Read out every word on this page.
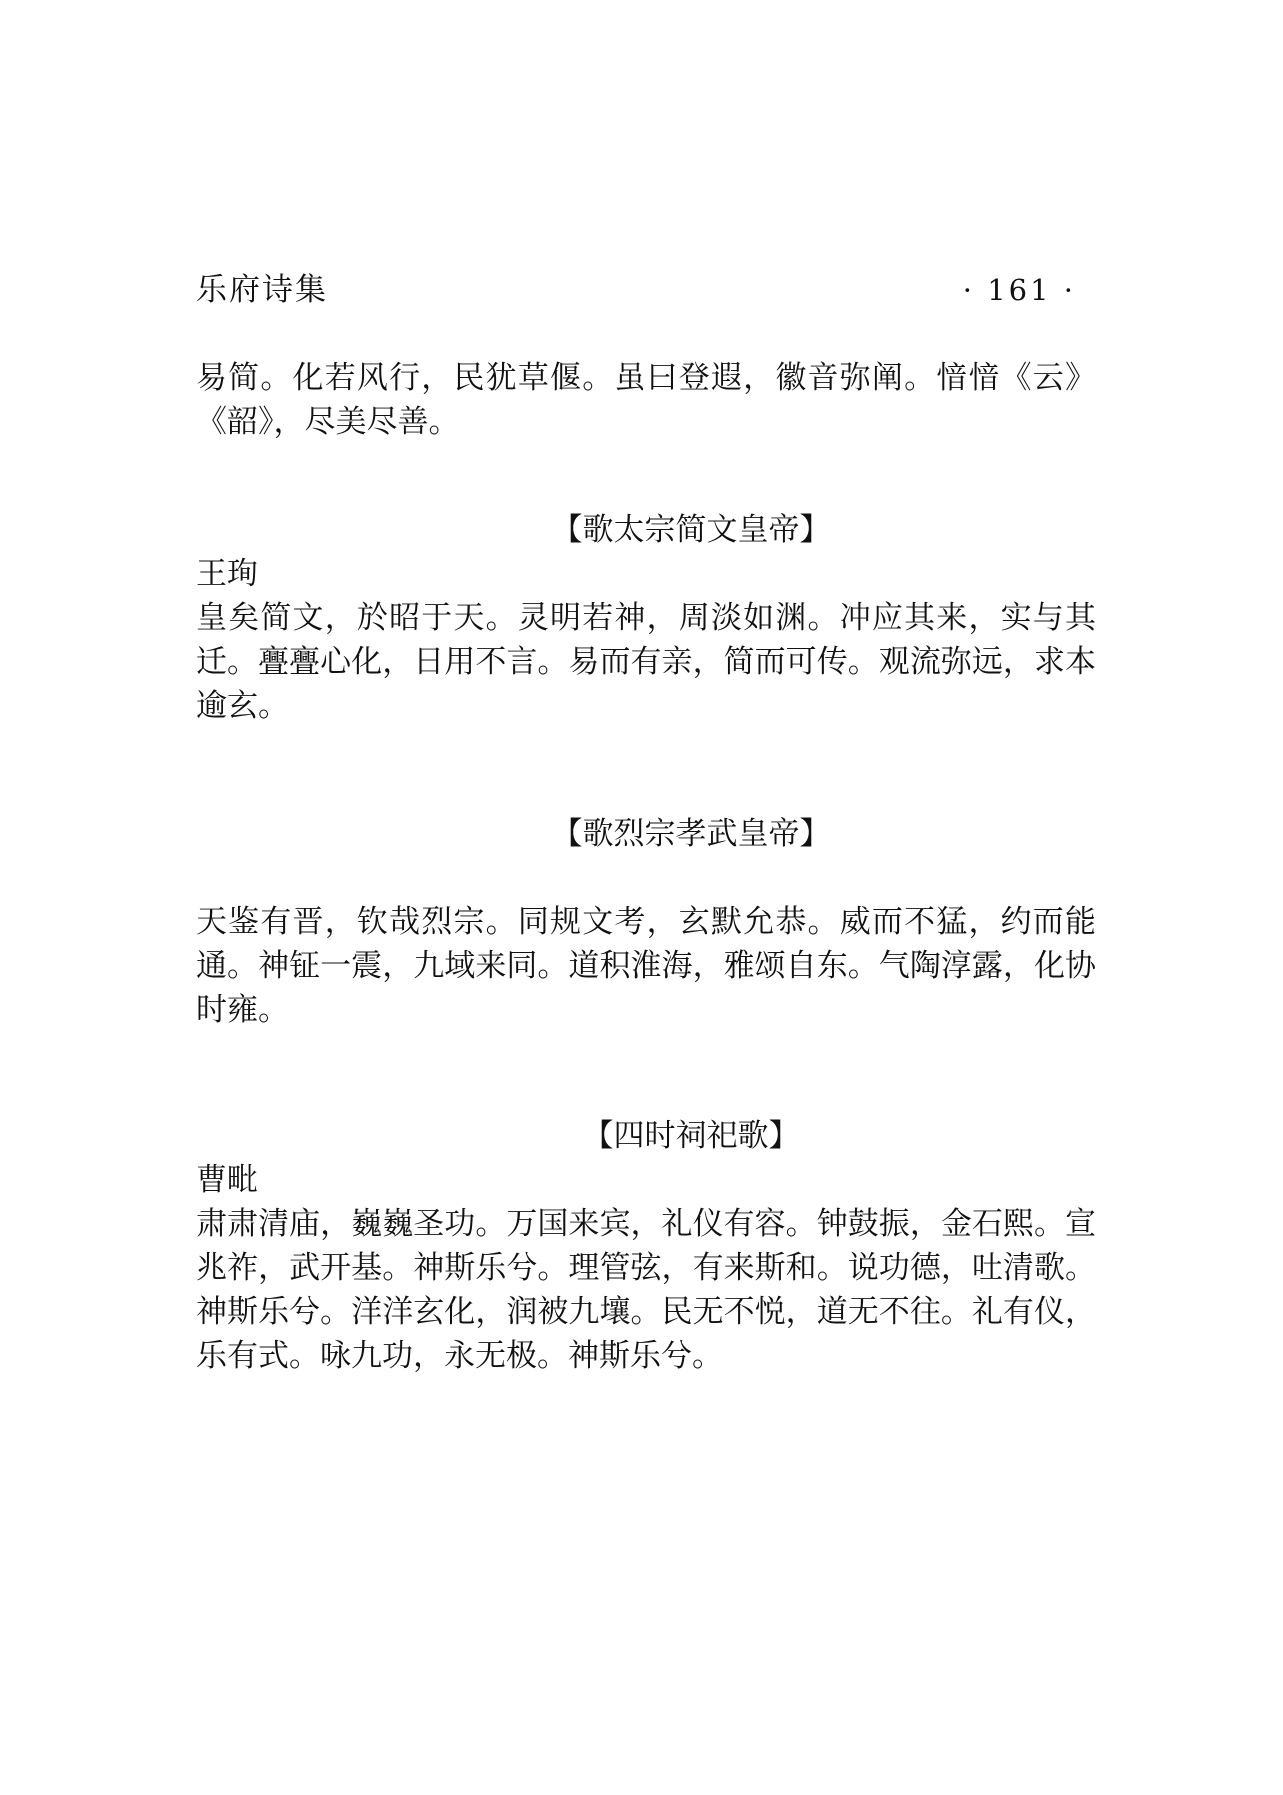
乐府诗集	· 161 ·

易简。化若风行，民犹草偃。虽曰登遐，徽音弥阐。愔愔《云》《韶》，尽美尽善。

【歌太宗简文皇帝】

王珣

皇矣简文，於昭于天。灵明若神，周淡如渊。冲应其来，实与其迁。亹亹心化，日用不言。易而有亲，简而可传。观流弥远，求本逾玄。

【歌烈宗孝武皇帝】

天鉴有晋，钦哉烈宗。同规文考，玄默允恭。威而不猛，约而能通。神钲一震，九域来同。道积淮海，雅颂自东。气陶淳露，化协时雍。

【四时祠祀歌】

曹毗

肃肃清庙，巍巍圣功。万国来宾，礼仪有容。钟鼓振，金石熙。宣兆祚，武开基。神斯乐兮。理管弦，有来斯和。说功德，吐清歌。神斯乐兮。洋洋玄化，润被九壤。民无不悦，道无不往。礼有仪，乐有式。咏九功，永无极。神斯乐兮。
